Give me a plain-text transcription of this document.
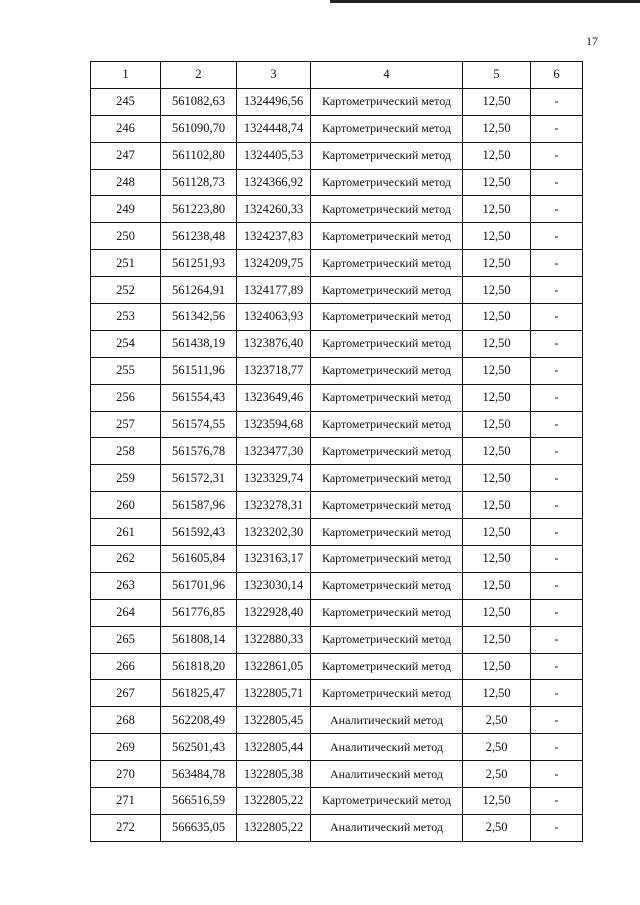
17
1	2	3	4	5	6
245	561082,63	1324496,56	Картометрический метод	12,50	-
246	561090,70	1324448,74	Картометрический метод	12,50	-
247	561102,80	1324405,53	Картометрический метод	12,50	-
248	561128,73	1324366,92	Картометрический метод	12,50	-
249	561223,80	1324260,33	Картометрический метод	12,50	-
250	561238,48	1324237,83	Картометрический метод	12,50	-
251	561251,93	1324209,75	Картометрический метод	12,50	-
252	561264,91	1324177,89	Картометрический метод	12,50	-
253	561342,56	1324063,93	Картометрический метод	12,50	-
254	561438,19	1323876,40	Картометрический метод	12,50	-
255	561511,96	1323718,77	Картометрический метод	12,50	-
256	561554,43	1323649,46	Картометрический метод	12,50	-
257	561574,55	1323594,68	Картометрический метод	12,50	-
258	561576,78	1323477,30	Картометрический метод	12,50	-
259	561572,31	1323329,74	Картометрический метод	12,50	-
260	561587,96	1323278,31	Картометрический метод	12,50	-
261	561592,43	1323202,30	Картометрический метод	12,50	-
262	561605,84	1323163,17	Картометрический метод	12,50	-
263	561701,96	1323030,14	Картометрический метод	12,50	-
264	561776,85	1322928,40	Картометрический метод	12,50	-
265	561808,14	1322880,33	Картометрический метод	12,50	-
266	561818,20	1322861,05	Картометрический метод	12,50	-
267	561825,47	1322805,71	Картометрический метод	12,50	-
268	562208,49	1322805,45	Аналитический метод	2,50	-
269	562501,43	1322805,44	Аналитический метод	2,50	-
270	563484,78	1322805,38	Аналитический метод	2,50	-
271	566516,59	1322805,22	Картометрический метод	12,50	-
272	566635,05	1322805,22	Аналитический метод	2,50	-
